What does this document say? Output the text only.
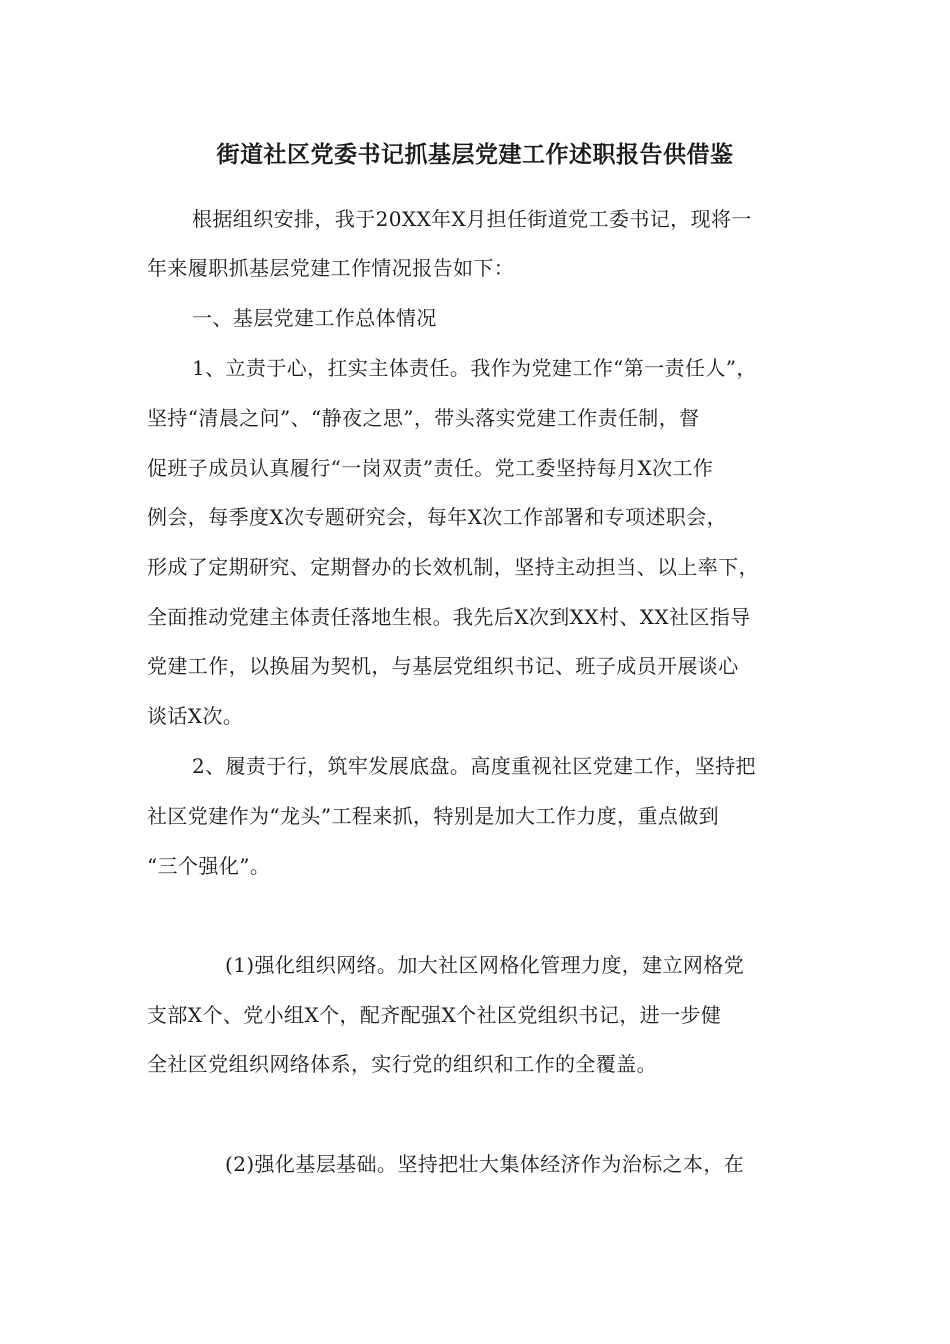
街道社区党委书记抓基层党建工作述职报告供借鉴
根据组织安排，我于20XX年X月担任街道党工委书记，现将一
年来履职抓基层党建工作情况报告如下：
一、基层党建工作总体情况
1、立责于心，扛实主体责任。我作为党建工作“第一责任人”，
坚持“清晨之问”、“静夜之思”，带头落实党建工作责任制，督
促班子成员认真履行“一岗双责”责任。党工委坚持每月X次工作
例会，每季度X次专题研究会，每年X次工作部署和专项述职会，
形成了定期研究、定期督办的长效机制，坚持主动担当、以上率下，
全面推动党建主体责任落地生根。我先后X次到XX村、XX社区指导
党建工作，以换届为契机，与基层党组织书记、班子成员开展谈心
谈话X次。
2、履责于行，筑牢发展底盘。高度重视社区党建工作，坚持把
社区党建作为“龙头”工程来抓，特别是加大工作力度，重点做到
“三个强化”。
(1)强化组织网络。加大社区网格化管理力度，建立网格党
支部X个、党小组X个，配齐配强X个社区党组织书记，进一步健
全社区党组织网络体系，实行党的组织和工作的全覆盖。
(2)强化基层基础。坚持把壮大集体经济作为治标之本，在
